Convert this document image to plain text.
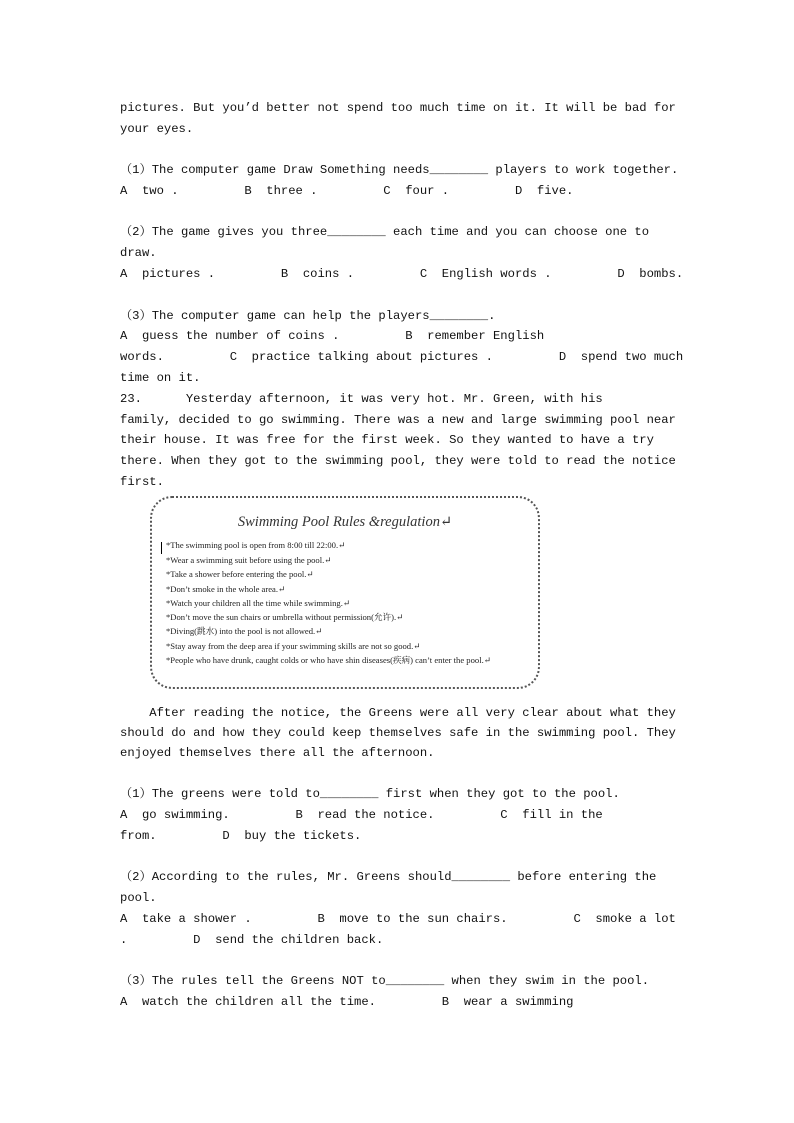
pictures. But you’d better not spend too much time on it. It will be bad for
your eyes.
（1）The computer game Draw Something needs________ players to work together.
A  two .         B  three .         C  four .         D  five.
（2）The game gives you three________ each time and you can choose one to
draw.
A  pictures .         B  coins .         C  English words .         D  bombs.
（3）The computer game can help the players________.
A  guess the number of coins .         B  remember English
words.         C  practice talking about pictures .         D  spend two much
time on it.
23.      Yesterday afternoon, it was very hot. Mr. Green, with his
family, decided to go swimming. There was a new and large swimming pool near
their house. It was free for the first week. So they wanted to have a try
there. When they got to the swimming pool, they were told to read the notice
first.
Swimming Pool Rules &regulation↵
*The swimming pool is open from 8:00 till 22:00.↵
*Wear a swimming suit before using the pool.↵
*Take a shower before entering the pool.↵
*Don’t smoke in the whole area.↵
*Watch your children all the time while swimming.↵
*Don’t move the sun chairs or umbrella without permission(允许).↵
*Diving(跳水) into the pool is not allowed.↵
*Stay away from the deep area if your swimming skills are not so good.↵
*People who have drunk, caught colds or who have shin diseases(疾病) can’t enter the pool.↵
After reading the notice, the Greens were all very clear about what they
should do and how they could keep themselves safe in the swimming pool. They
enjoyed themselves there all the afternoon.
（1）The greens were told to________ first when they got to the pool.
A  go swimming.         B  read the notice.         C  fill in the
from.         D  buy the tickets.
（2）According to the rules, Mr. Greens should________ before entering the
pool.
A  take a shower .         B  move to the sun chairs.         C  smoke a lot
.         D  send the children back.
（3）The rules tell the Greens NOT to________ when they swim in the pool.
A  watch the children all the time.         B  wear a swimming
